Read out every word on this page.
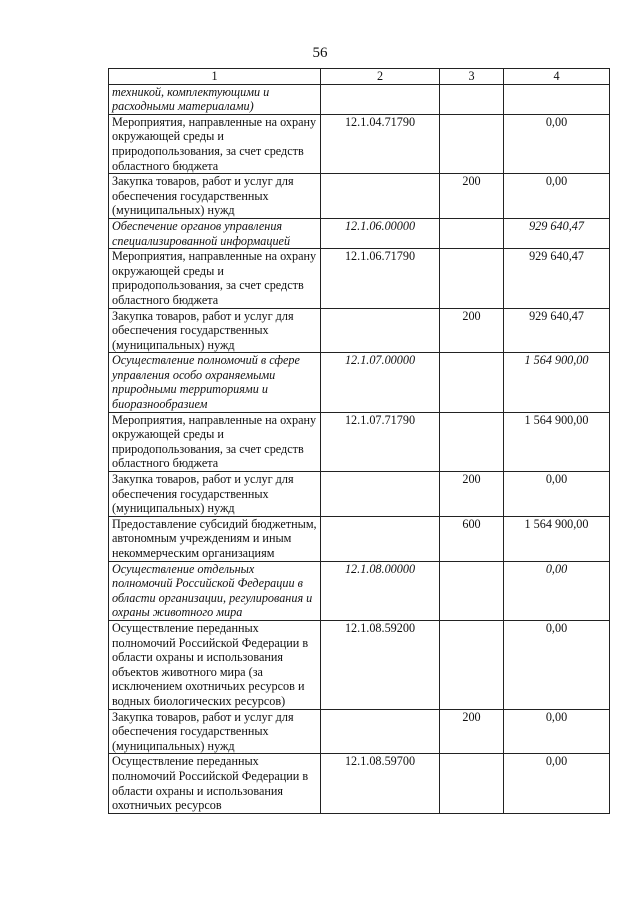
56
1	2	3	4
техникой, комплектующими и расходными материалами)			
Мероприятия, направленные на охрану окружающей среды и природопользования, за счет средств областного бюджета	12.1.04.71790		0,00
Закупка товаров, работ и услуг для обеспечения государственных (муниципальных) нужд		200	0,00
Обеспечение органов управления специализированной информацией	12.1.06.00000		929 640,47
Мероприятия, направленные на охрану окружающей среды и природопользования, за счет средств областного бюджета	12.1.06.71790		929 640,47
Закупка товаров, работ и услуг для обеспечения государственных (муниципальных) нужд		200	929 640,47
Осуществление полномочий в сфере управления особо охраняемыми природными территориями и биоразнообразием	12.1.07.00000		1 564 900,00
Мероприятия, направленные на охрану окружающей среды и природопользования, за счет средств областного бюджета	12.1.07.71790		1 564 900,00
Закупка товаров, работ и услуг для обеспечения государственных (муниципальных) нужд		200	0,00
Предоставление субсидий бюджетным, автономным учреждениям и иным некоммерческим организациям		600	1 564 900,00
Осуществление отдельных полномочий Российской Федерации в области организации, регулирования и охраны животного мира	12.1.08.00000		0,00
Осуществление переданных полномочий Российской Федерации в области охраны и использования объектов животного мира (за исключением охотничьих ресурсов и водных биологических ресурсов)	12.1.08.59200		0,00
Закупка товаров, работ и услуг для обеспечения государственных (муниципальных) нужд		200	0,00
Осуществление переданных полномочий Российской Федерации в области охраны и использования охотничьих ресурсов	12.1.08.59700		0,00
